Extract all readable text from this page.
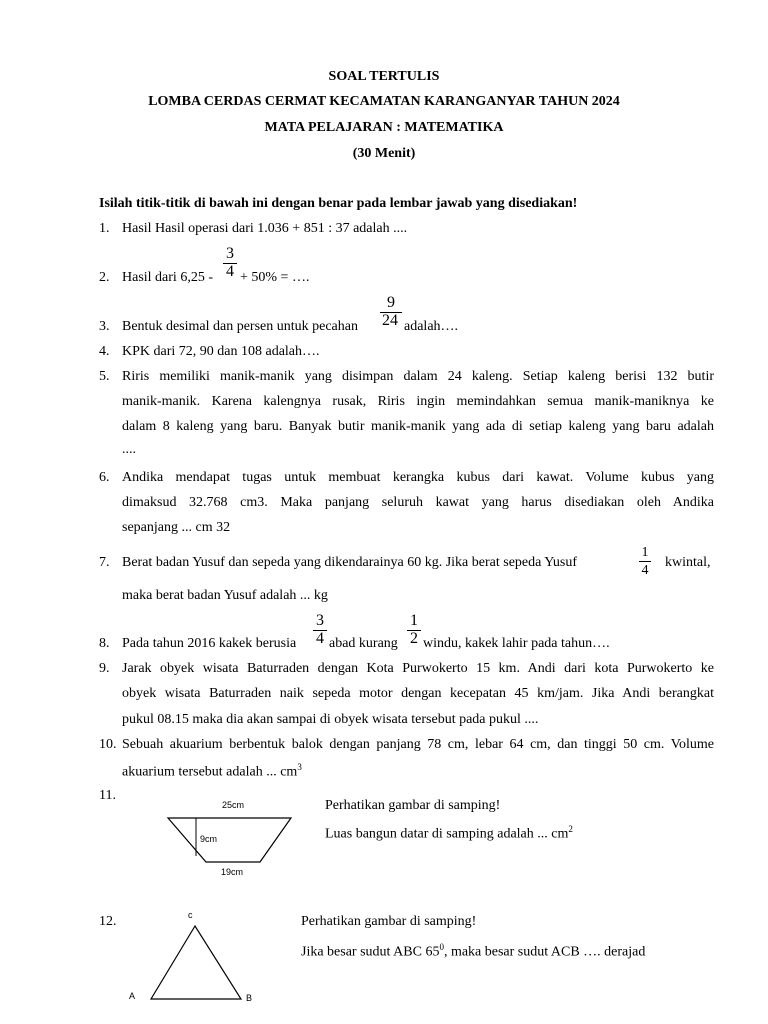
SOAL TERTULIS
LOMBA CERDAS CERMAT KECAMATAN KARANGANYAR TAHUN 2024
MATA PELAJARAN : MATEMATIKA
(30 Menit)
Isilah titik-titik di bawah ini dengan benar pada lembar jawab yang disediakan!
1. Hasil Hasil operasi dari 1.036 + 851 : 37 adalah ....
2. Hasil dari 6,25 -
3
4 + 50% = ….
3. Bentuk desimal dan persen untuk pecahan
9
24 adalah….
4. KPK dari 72, 90 dan 108 adalah….
5. Riris memiliki manik-manik yang disimpan dalam 24 kaleng. Setiap kaleng berisi 132 butir
manik-manik. Karena kalengnya rusak, Riris ingin memindahkan semua manik-maniknya ke
dalam 8 kaleng yang baru. Banyak butir manik-manik yang ada di setiap kaleng yang baru adalah
....
6. Andika mendapat tugas untuk membuat kerangka kubus dari kawat. Volume kubus yang
dimaksud 32.768 cm3. Maka panjang seluruh kawat yang harus disediakan oleh Andika
sepanjang ... cm 32
7. Berat badan Yusuf dan sepeda yang dikendarainya 60 kg. Jika berat sepeda Yusuf
1
4
kwintal,
maka berat badan Yusuf adalah ... kg
8. Pada tahun 2016 kakek berusia
3
4 abad kurang
1
2 windu, kakek lahir pada tahun….
9. Jarak obyek wisata Baturraden dengan Kota Purwokerto 15 km. Andi dari kota Purwokerto ke
obyek wisata Baturraden naik sepeda motor dengan kecepatan 45 km/jam. Jika Andi berangkat
pukul 08.15 maka dia akan sampai di obyek wisata tersebut pada pukul ....
10. Sebuah akuarium berbentuk balok dengan panjang 78 cm, lebar 64 cm, dan tinggi 50 cm. Volume
akuarium tersebut adalah ... $cm^3$
11.
25cm
9cm
19cm
Perhatikan gambar di samping!
Luas bangun datar di samping adalah ... $cm^2$
12.	c
A	B
Perhatikan gambar di samping!
Jika besar sudut ABC $65^0$, maka besar sudut ACB …. derajad
